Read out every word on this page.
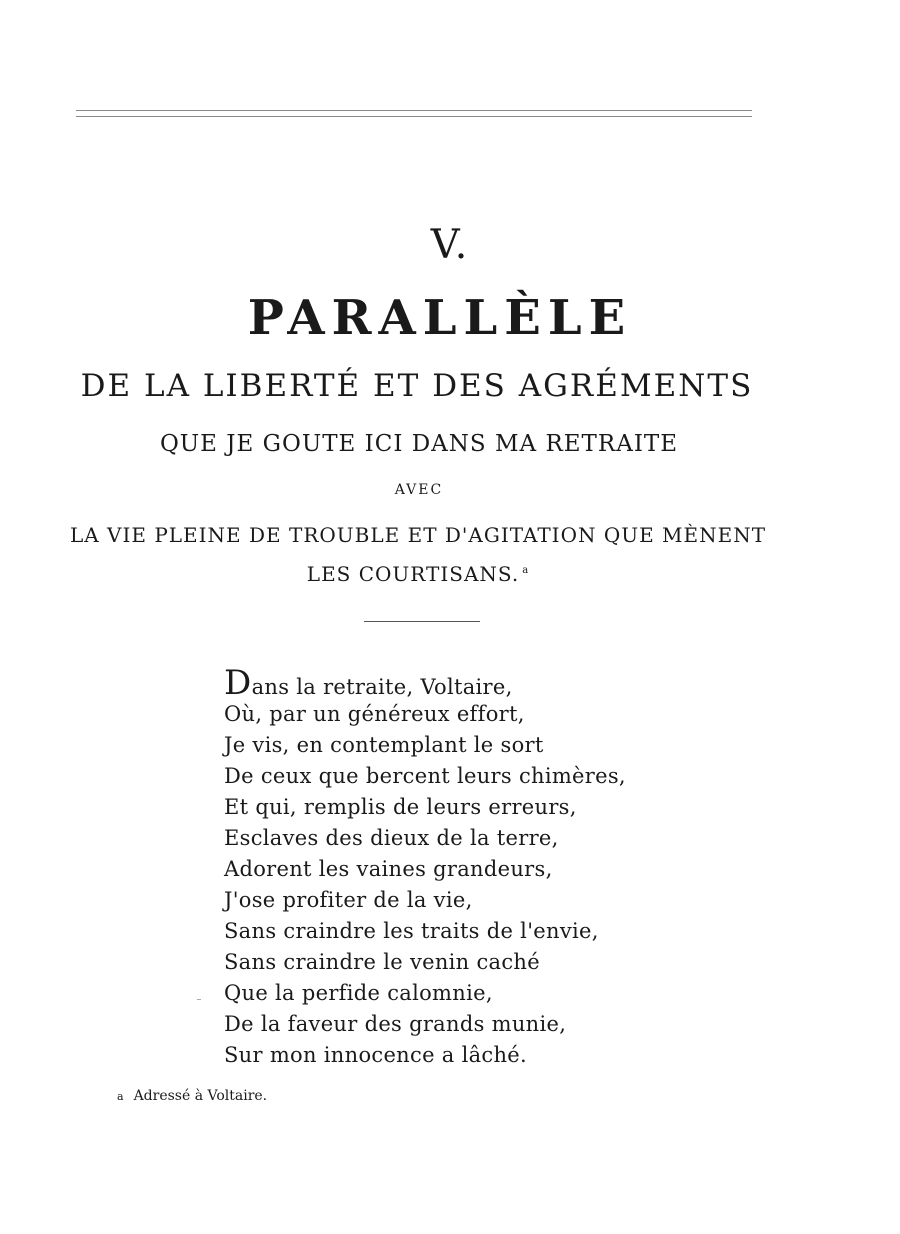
V.
PARALLÈLE
DE LA LIBERTÉ ET DES AGRÉMENTS
QUE JE GOUTE ICI DANS MA RETRAITE
AVEC
LA VIE PLEINE DE TROUBLE ET D'AGITATION QUE MÈNENT
LES COURTISANS. $^a$
Dans la retraite, Voltaire,
Où, par un généreux effort,
Je vis, en contemplant le sort
De ceux que bercent leurs chimères,
Et qui, remplis de leurs erreurs,
Esclaves des dieux de la terre,
Adorent les vaines grandeurs,
J'ose profiter de la vie,
Sans craindre les traits de l'envie,
Sans craindre le venin caché
Que la perfide calomnie,
De la faveur des grands munie,
Sur mon innocence a lâché.
a Adressé à Voltaire.
